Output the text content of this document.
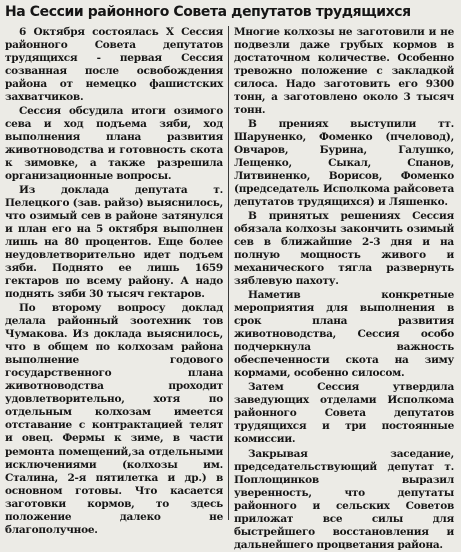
На Сессии районного Совета депутатов трудящихся

6 Октября состоялась X Сессия районного Совета депутатов трудящихся - первая Сессия созванная после освобождения района от немецко фашистских захватчиков.

Сессия обсудила итоги озимого сева и ход подъема зяби, ход выполнения плана развития животноводства и готовность скота к зимовке, а также разрешила организационные вопросы.

Из доклада депутата т. Пелецкого (зав. райзо) выяснилось, что озимый сев в районе затянулся и план его на 5 октября выполнен лишь на 80 процентов. Еще более неудовлетворительно идет подъем зяби. Поднято ее лишь 1659 гектаров по всему району. А надо поднять зяби 30 тысяч гектаров.

По второму вопросу доклад делала районный зоотехник тов Чумакова. Из доклада выяснилось, что в общем по колхозам района выполнение годового государственного плана животноводства проходит удовлетворительно, хотя по отдельным колхозам имеется отставание с контрактацией телят и овец. Фермы к зиме, в части ремонта помещений,за отдельными исключениями (колхозы им. Сталина, 2-я пятилетка и др.) в основном готовы. Что касается заготовки кормов, то здесь положение далеко не благополучное.

Многие колхозы не заготовили и не подвезли даже грубых кормов в достаточном количестве. Особенно тревожно положение с закладкой силоса. Надо заготовить его 9300 тонн, а заготовлено около 3 тысяч тонн.

В прениях выступили тт. Шаруненко, Фоменко (пчеловод), Овчаров, Бурина, Галушко, Лещенко, Сыкал, Спанов, Литвиненко, Ворисов, Фоменко (председатель Исполкома райсовета депутатов трудящихся) и Ляшенко.

В принятых решениях Сессия обязала колхозы закончить озимый сев в ближайшие 2-3 дня и на полную мощность живого и механического тягла развернуть зяблевую пахоту.

Наметив конкретные мероприятия для выполнения в срок плана развития животноводства, Сессия особо подчеркнула важность обеспеченности скота на зиму кормами, особенно силосом.

Затем Сессия утвердила заведующих отделами Исполкома районного Совета депутатов трудящихся и три постоянные комиссии.

Закрывая заседание, председательствующий депутат т. Поплощинков выразил уверенность, что депутаты районного и сельских Советов приложат все силы для быстрейшего восстановления и дальнейшего процветания района.
